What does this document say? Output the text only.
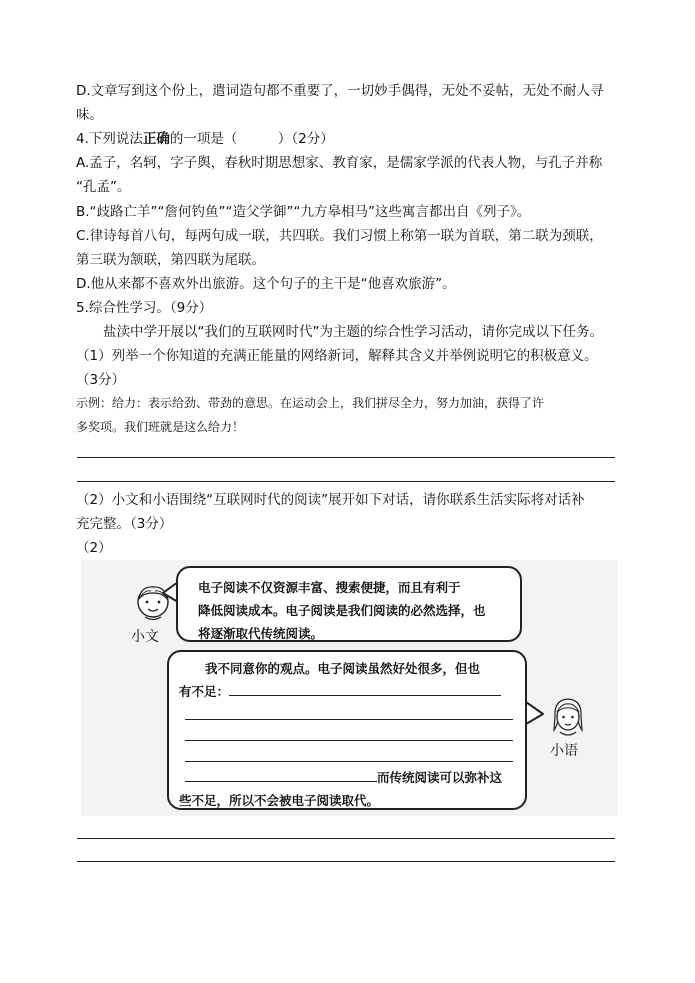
D.文章写到这个份上，遣词造句都不重要了，一切妙手偶得，无处不妥帖，无处不耐人寻
味。
4.下列说法正确的一项是（　　　）（2分）
A.孟子，名轲，字子舆，春秋时期思想家、教育家，是儒家学派的代表人物，与孔子并称
“孔孟”。
B.“歧路亡羊”“詹何钓鱼”“造父学御”“九方皋相马”这些寓言都出自《列子》。
C.律诗每首八句，每两句成一联，共四联。我们习惯上称第一联为首联，第二联为颈联，
第三联为颔联，第四联为尾联。
D.他从来都不喜欢外出旅游。这个句子的主干是“他喜欢旅游”。
5.综合性学习。（9分）
盐渎中学开展以“我们的互联网时代”为主题的综合性学习活动，请你完成以下任务。
（1）列举一个你知道的充满正能量的网络新词，解释其含义并举例说明它的积极意义。
（3分）
示例：给力：表示给劲、带劲的意思。在运动会上，我们拼尽全力，努力加油，获得了许
多奖项。我们班就是这么给力！
（2）小文和小语围绕“互联网时代的阅读”展开如下对话，请你联系生活实际将对话补
充完整。（3分）
（2）
小文
电子阅读不仅资源丰富、搜索便捷，而且有利于
降低阅读成本。电子阅读是我们阅读的必然选择，也
将逐渐取代传统阅读。
我不同意你的观点。电子阅读虽然好处很多，但也
有不足：
而传统阅读可以弥补这
些不足，所以不会被电子阅读取代。
小语
